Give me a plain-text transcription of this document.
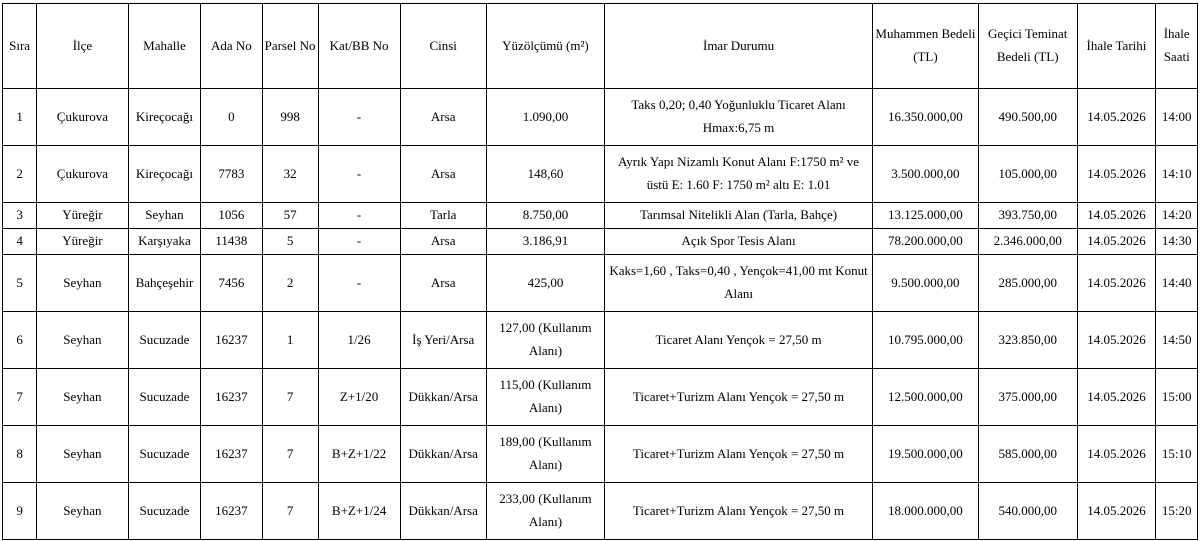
Sıra	İlçe	Mahalle	Ada No	Parsel No	Kat/BB No	Cinsi	Yüzölçümü (m²)	İmar Durumu	Muhammen Bedeli (TL)	Geçici Teminat Bedeli (TL)	İhale Tarihi	İhale Saati
1	Çukurova	Kireçocağı	0	998	-	Arsa	1.090,00	Taks 0,20; 0,40 Yoğunluklu Ticaret Alanı Hmax:6,75 m	16.350.000,00	490.500,00	14.05.2026	14:00
2	Çukurova	Kireçocağı	7783	32	-	Arsa	148,60	Ayrık Yapı Nizamlı Konut Alanı F:1750 m² ve üstü E: 1.60 F: 1750 m² altı E: 1.01	3.500.000,00	105.000,00	14.05.2026	14:10
3	Yüreğir	Seyhan	1056	57	-	Tarla	8.750,00	Tarımsal Nitelikli Alan (Tarla, Bahçe)	13.125.000,00	393.750,00	14.05.2026	14:20
4	Yüreğir	Karşıyaka	11438	5	-	Arsa	3.186,91	Açık Spor Tesis Alanı	78.200.000,00	2.346.000,00	14.05.2026	14:30
5	Seyhan	Bahçeşehir	7456	2	-	Arsa	425,00	Kaks=1,60 , Taks=0,40 , Yençok=41,00 mt Konut Alanı	9.500.000,00	285.000,00	14.05.2026	14:40
6	Seyhan	Sucuzade	16237	1	1/26	İş Yeri/Arsa	127,00 (Kullanım Alanı)	Ticaret Alanı Yençok = 27,50 m	10.795.000,00	323.850,00	14.05.2026	14:50
7	Seyhan	Sucuzade	16237	7	Z+1/20	Dükkan/Arsa	115,00 (Kullanım Alanı)	Ticaret+Turizm Alanı Yençok = 27,50 m	12.500.000,00	375.000,00	14.05.2026	15:00
8	Seyhan	Sucuzade	16237	7	B+Z+1/22	Dükkan/Arsa	189,00 (Kullanım Alanı)	Ticaret+Turizm Alanı Yençok = 27,50 m	19.500.000,00	585.000,00	14.05.2026	15:10
9	Seyhan	Sucuzade	16237	7	B+Z+1/24	Dükkan/Arsa	233,00 (Kullanım Alanı)	Ticaret+Turizm Alanı Yençok = 27,50 m	18.000.000,00	540.000,00	14.05.2026	15:20
